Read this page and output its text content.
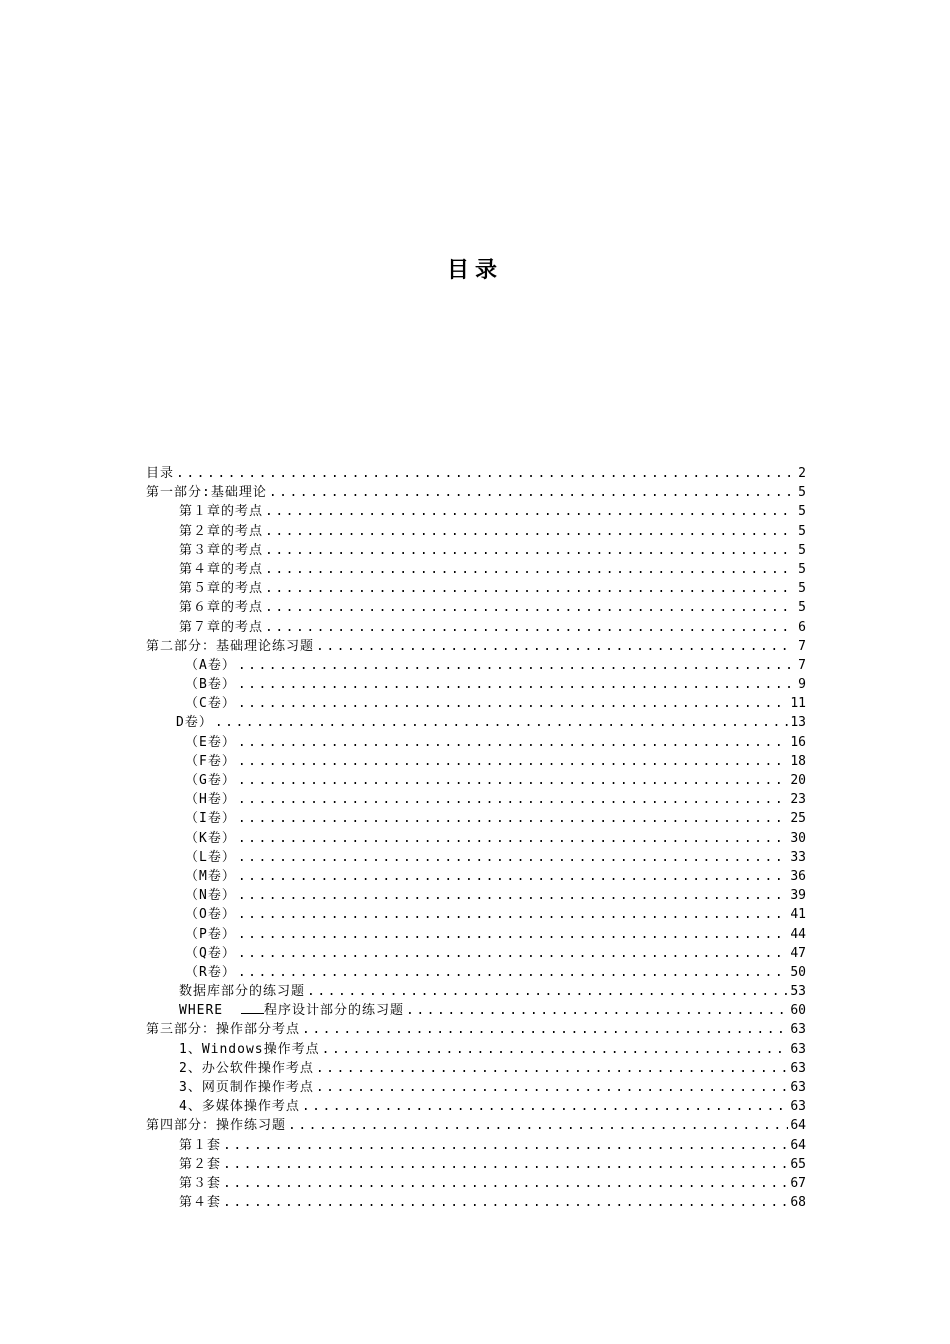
目录
目录 .....	2
第一部分:基础理论 .....	5
第１章的考点 .....	5
第２章的考点 .....	5
第３章的考点 .....	5
第４章的考点 .....	5
第５章的考点 .....	5
第６章的考点 .....	5
第７章的考点 .....	6
第二部分：基础理论练习题 .....	7
（A卷） .....	7
（B卷） .....	9
（C卷） .....	11
D卷） .....	13
（E卷） .....	16
（F卷） .....	18
（G卷） .....	20
（H卷） .....	23
（I卷） .....	25
（K卷） .....	30
（L卷） .....	33
（M卷） .....	36
（N卷） .....	39
（O卷） .....	41
（P卷） .....	44
（Q卷） .....	47
（R卷） .....	50
数据库部分的练习题 .....	53
WHERE	程序设计部分的练习题 .....	60
第三部分：操作部分考点 .....	63
1、Windows操作考点 .....	63
2、办公软件操作考点 .....	63
3、网页制作操作考点 .....	63
4、多媒体操作考点 .....	63
第四部分：操作练习题 .....	64
第１套 .....	64
第２套 .....	65
第３套 .....	67
第４套 .....	68
